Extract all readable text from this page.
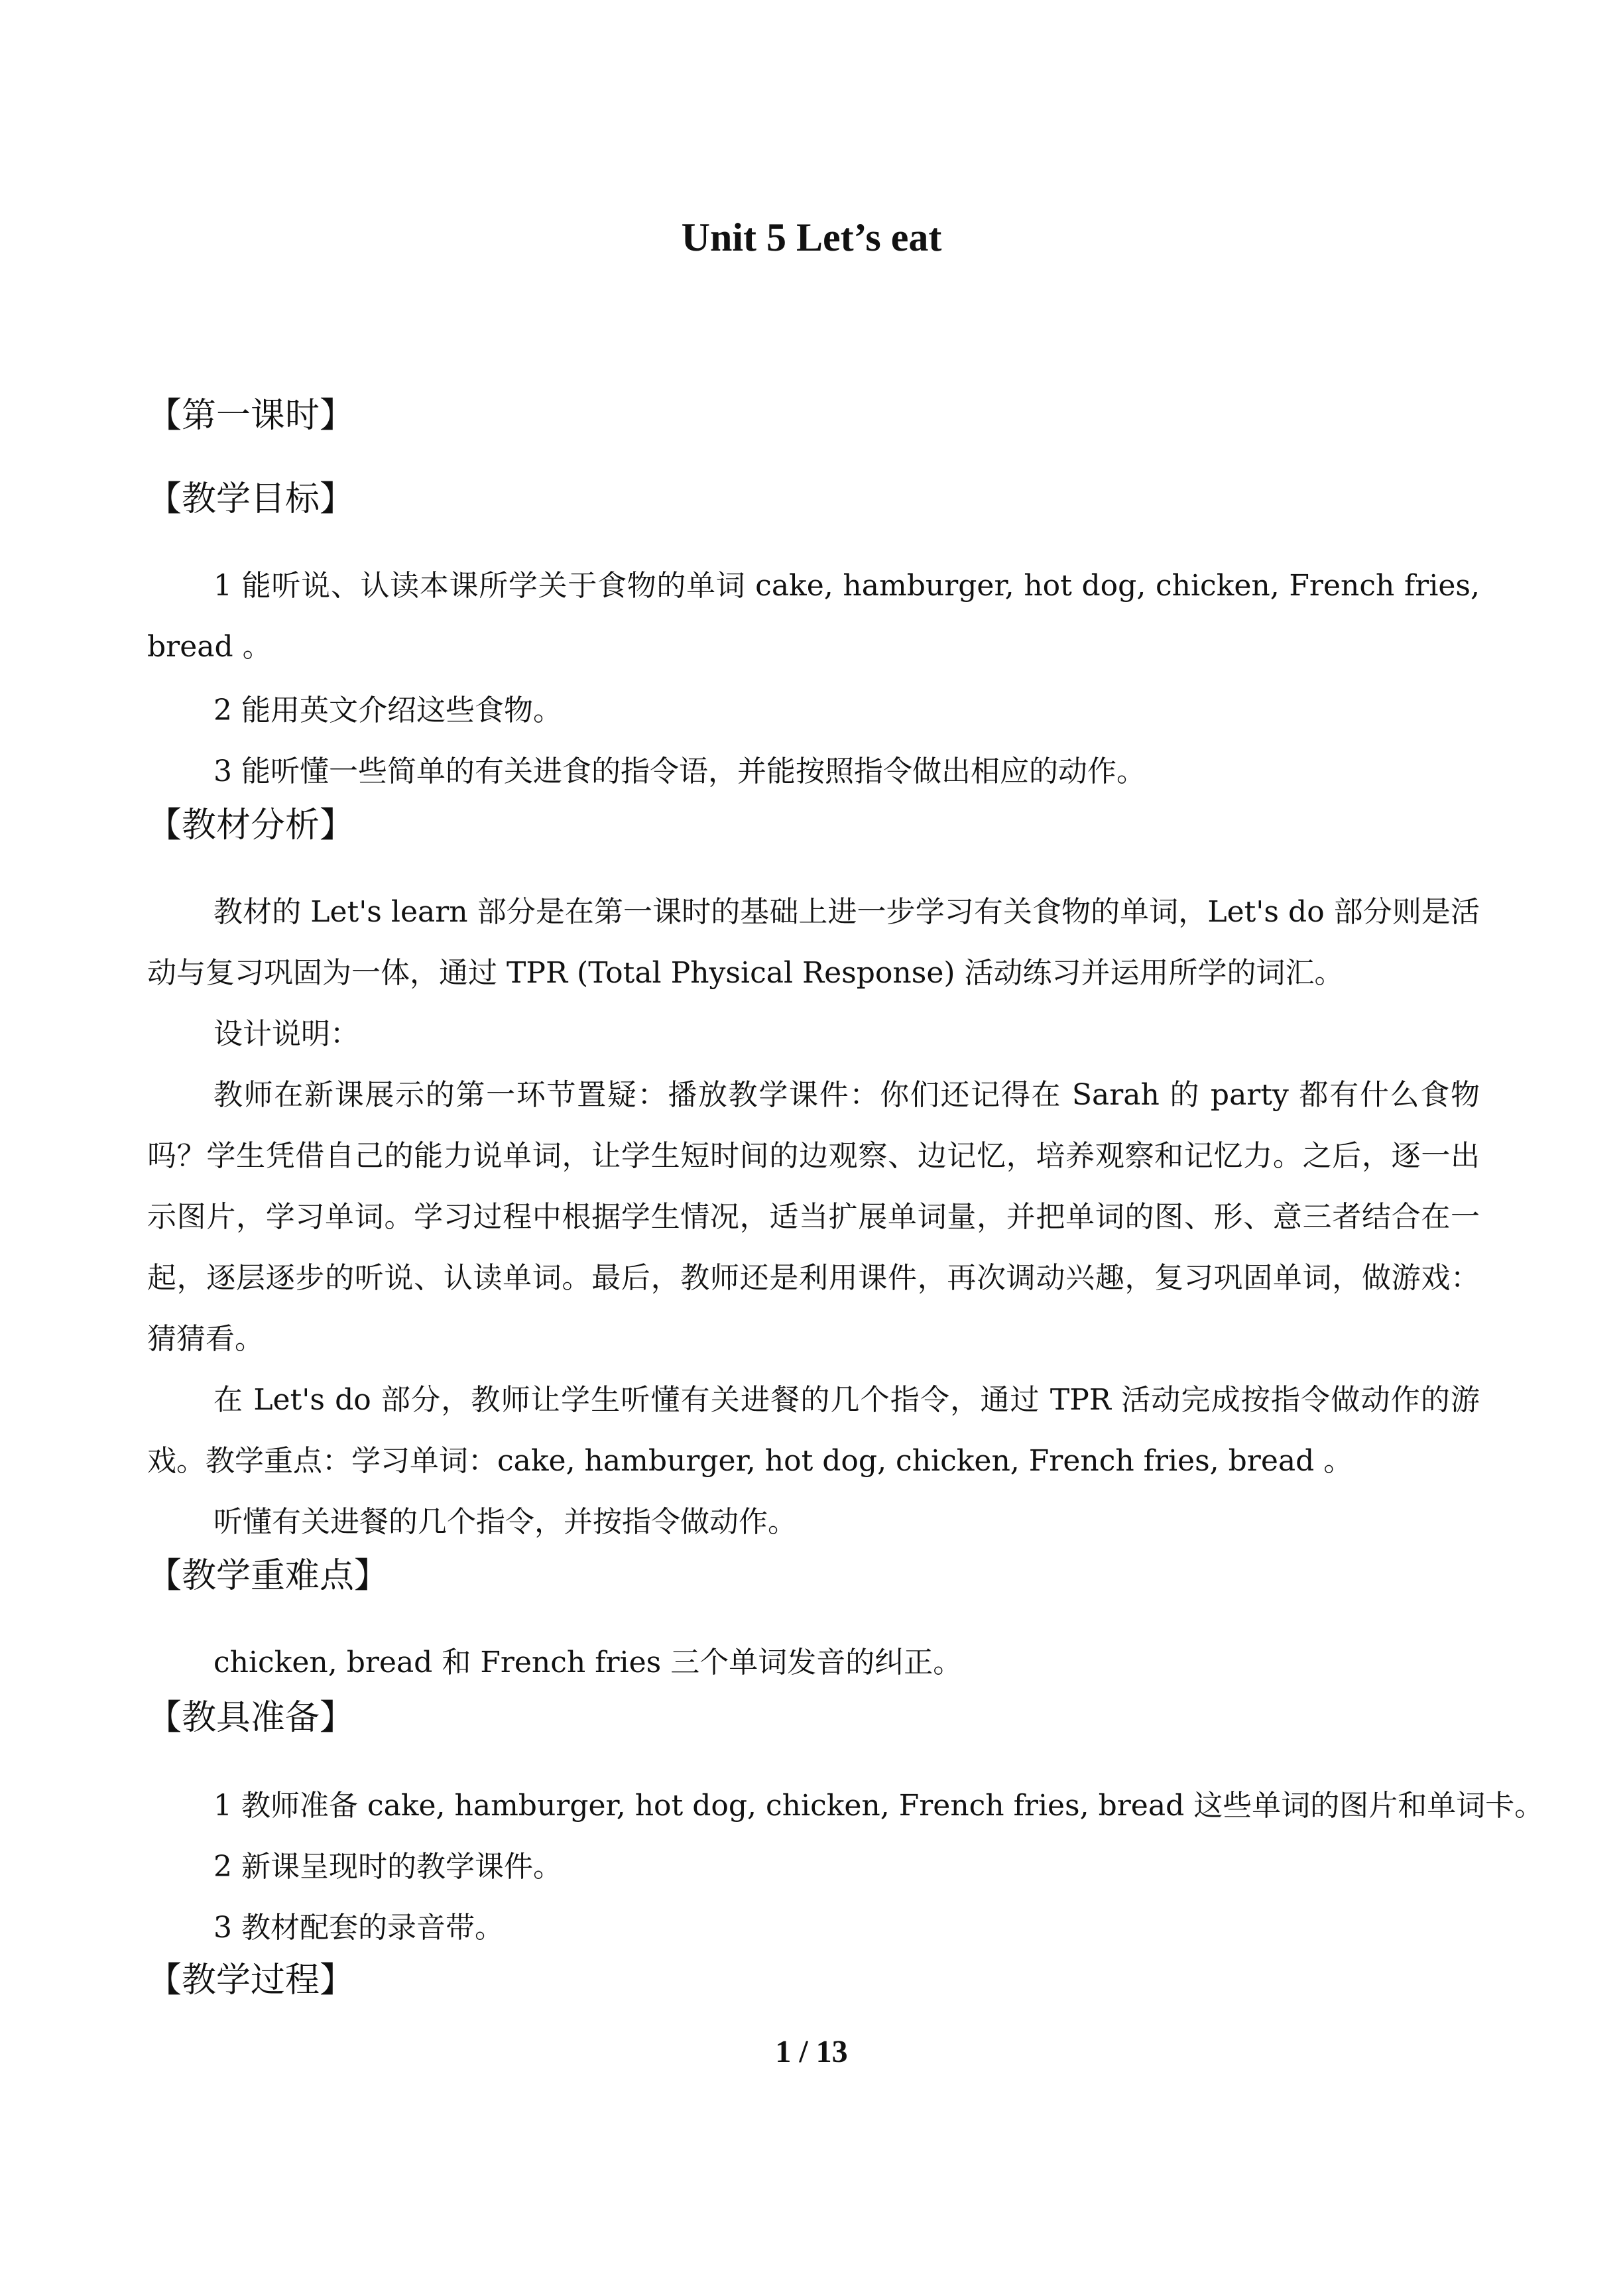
Unit 5 Let’s eat
【第一课时】
【教学目标】
1 能听说、认读本课所学关于食物的单词 cake, hamburger, hot dog, chicken, French fries, bread 。
2 能用英文介绍这些食物。
3 能听懂一些简单的有关进食的指令语，并能按照指令做出相应的动作。
【教材分析】
教材的 Let's learn 部分是在第一课时的基础上进一步学习有关食物的单词，Let's do 部分则是活动与复习巩固为一体，通过 TPR (Total Physical Response) 活动练习并运用所学的词汇。
设计说明：
教师在新课展示的第一环节置疑：播放教学课件：你们还记得在 Sarah 的 party 都有什么食物吗？学生凭借自己的能力说单词，让学生短时间的边观察、边记忆，培养观察和记忆力。之后，逐一出示图片，学习单词。学习过程中根据学生情况，适当扩展单词量，并把单词的图、形、意三者结合在一起，逐层逐步的听说、认读单词。最后，教师还是利用课件，再次调动兴趣，复习巩固单词，做游戏：猜猜看。
在 Let's do 部分，教师让学生听懂有关进餐的几个指令，通过 TPR 活动完成按指令做动作的游戏。教学重点：学习单词：cake, hamburger, hot dog, chicken, French fries, bread 。
听懂有关进餐的几个指令，并按指令做动作。
【教学重难点】
chicken, bread 和 French fries 三个单词发音的纠正。
【教具准备】
1 教师准备 cake, hamburger, hot dog, chicken, French fries, bread 这些单词的图片和单词卡。
2 新课呈现时的教学课件。
3 教材配套的录音带。
【教学过程】
1 / 13
